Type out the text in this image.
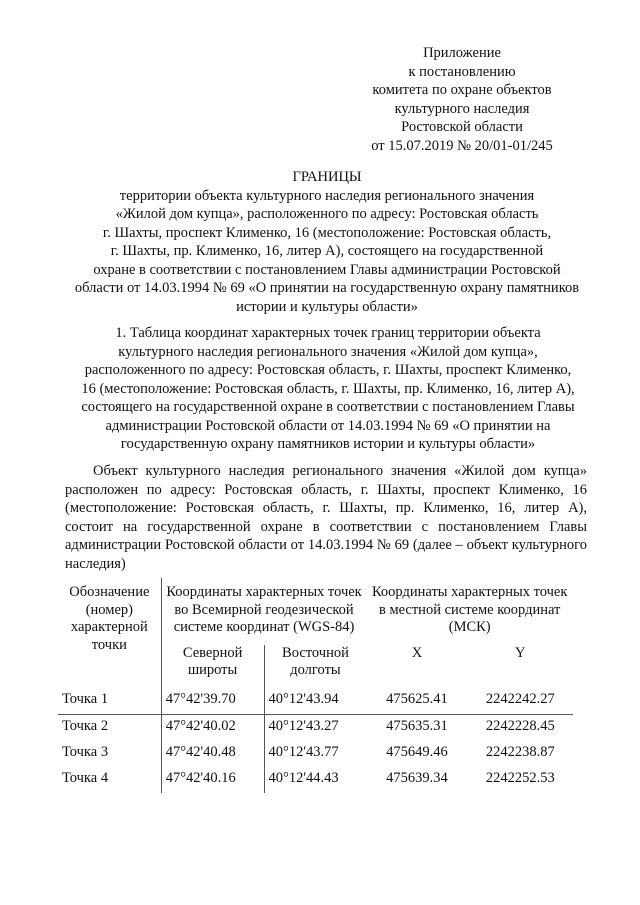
Приложение
к постановлению
комитета по охране объектов
культурного наследия
Ростовской области
от 15.07.2019 № 20/01-01/245
ГРАНИЦЫ
территории объекта культурного наследия регионального значения
«Жилой дом купца», расположенного по адресу: Ростовская область
г. Шахты, проспект Клименко, 16 (местоположение: Ростовская область,
г. Шахты, пр. Клименко, 16, литер А), состоящего на государственной
охране в соответствии с постановлением Главы администрации Ростовской
области от 14.03.1994 № 69 «О принятии на государственную охрану памятников
истории и культуры области»
1. Таблица координат характерных точек границ территории объекта
культурного наследия регионального значения «Жилой дом купца»,
расположенного по адресу: Ростовская область, г. Шахты, проспект Клименко,
16 (местоположение: Ростовская область, г. Шахты, пр. Клименко, 16, литер А),
состоящего на государственной охране в соответствии с постановлением Главы
администрации Ростовской области от 14.03.1994 № 69 «О принятии на
государственную охрану памятников истории и культуры области»
Объект культурного наследия регионального значения «Жилой дом купца» расположен по адресу: Ростовская область, г. Шахты, проспект Клименко, 16 (местоположение: Ростовская область, г. Шахты, пр. Клименко, 16, литер А), состоит на государственной охране в соответствии с постановлением Главы администрации Ростовской области от 14.03.1994 № 69 (далее – объект культурного наследия)
Обозначение (номер) характерной точки	Координаты характерных точек во Всемирной геодезической системе координат (WGS-84)		Координаты характерных точек в местной системе координат (МСК)	
	Северной широты	Восточной долготы	X	Y
Точка 1	47°42'39.70	40°12'43.94	475625.41	2242242.27
Точка 2	47°42'40.02	40°12'43.27	475635.31	2242228.45
Точка 3	47°42'40.48	40°12'43.77	475649.46	2242238.87
Точка 4	47°42'40.16	40°12'44.43	475639.34	2242252.53
